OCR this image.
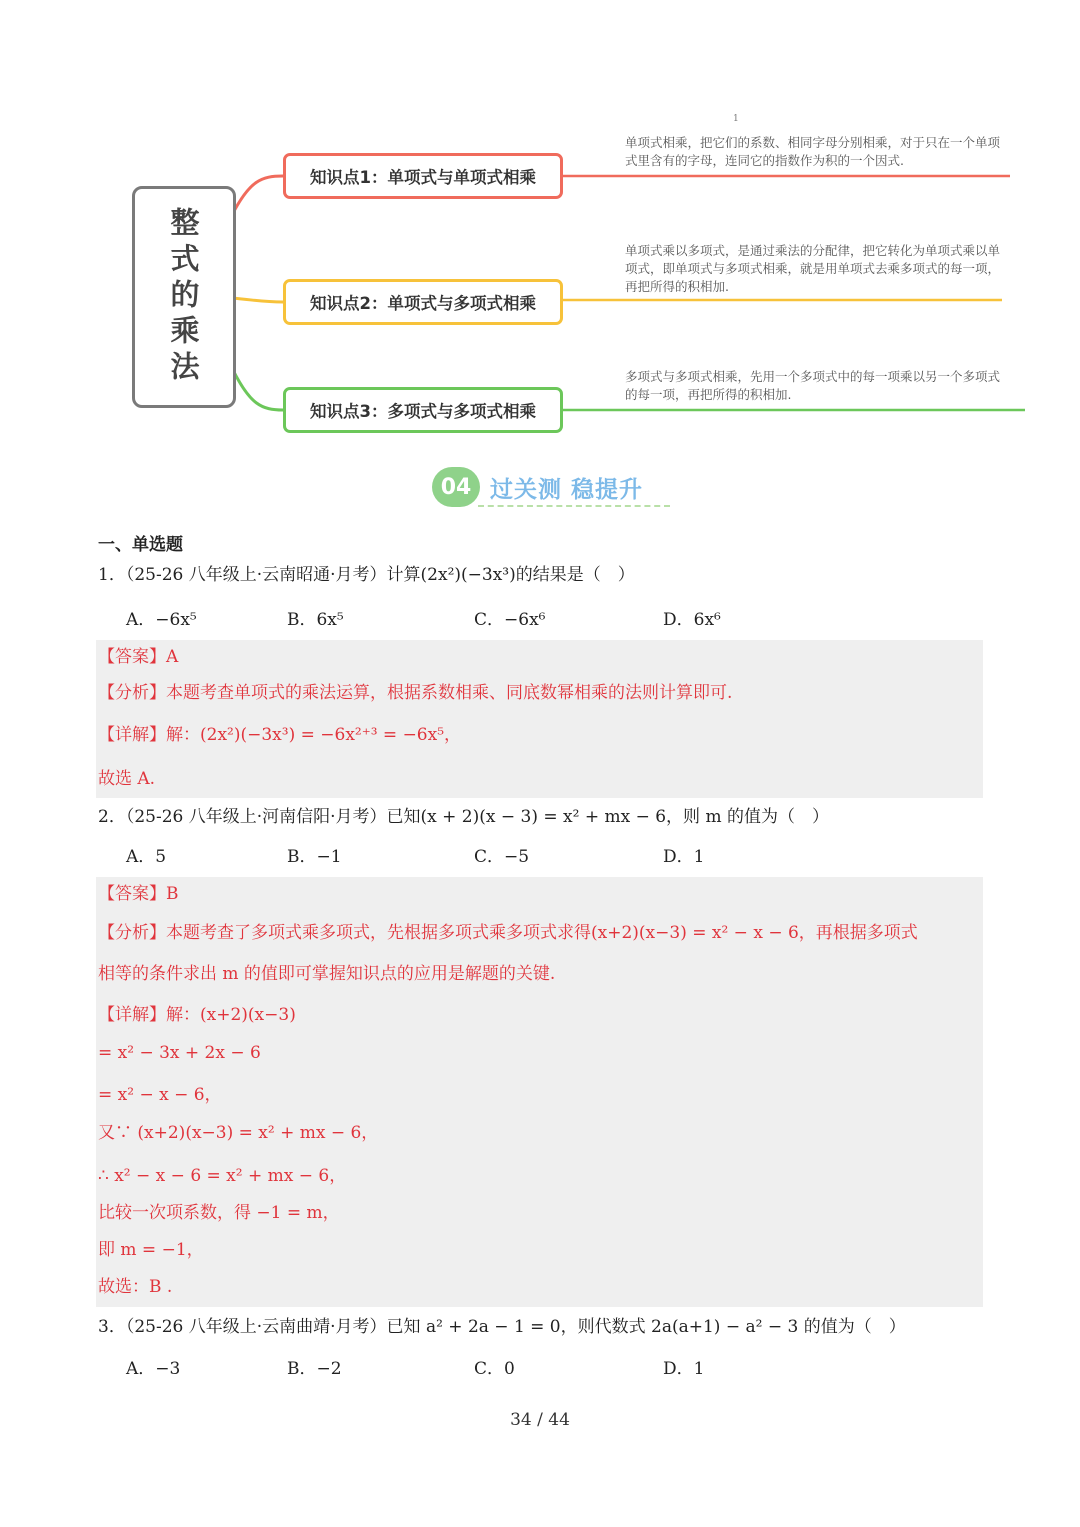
1
整式的乘法
知识点1：单项式与单项式相乘
知识点2：单项式与多项式相乘
知识点3：多项式与多项式相乘
单项式相乘，把它们的系数、相同字母分别相乘，对于只在一个单项式里含有的字母，连同它的指数作为积的一个因式.
单项式乘以多项式，是通过乘法的分配律，把它转化为单项式乘以单项式，即单项式与多项式相乘，就是用单项式去乘多项式的每一项，再把所得的积相加.
多项式与多项式相乘，先用一个多项式中的每一项乘以另一个多项式的每一项，再把所得的积相加.
04 过关测 稳提升
一、单选题
1．（25-26 八年级上·云南昭通·月考）计算(2x²)(−3x³)的结果是（　）
A．−6x⁵	B．6x⁵	C．−6x⁶	D．6x⁶
【答案】A
【分析】本题考查单项式的乘法运算，根据系数相乘、同底数幂相乘的法则计算即可.
【详解】解：(2x²)(−3x³) = −6x²⁺³ = −6x⁵，
故选 A.
2．（25-26 八年级上·河南信阳·月考）已知(x + 2)(x − 3) = x² + mx − 6，则 m 的值为（　）
A．5	B．−1	C．−5	D．1
【答案】B
【分析】本题考查了多项式乘多项式，先根据多项式乘多项式求得(x+2)(x−3) = x² − x − 6，再根据多项式
相等的条件求出 m 的值即可掌握知识点的应用是解题的关键.
【详解】解：(x+2)(x−3)
= x² − 3x + 2x − 6
= x² − x − 6，
又∵ (x+2)(x−3) = x² + mx − 6，
∴ x² − x − 6 = x² + mx − 6，
比较一次项系数，得 −1 = m，
即 m = −1，
故选：B .
3．（25-26 八年级上·云南曲靖·月考）已知 a² + 2a − 1 = 0，则代数式 2a(a+1) − a² − 3 的值为（　）
A．−3	B．−2	C．0	D．1
34 / 44
